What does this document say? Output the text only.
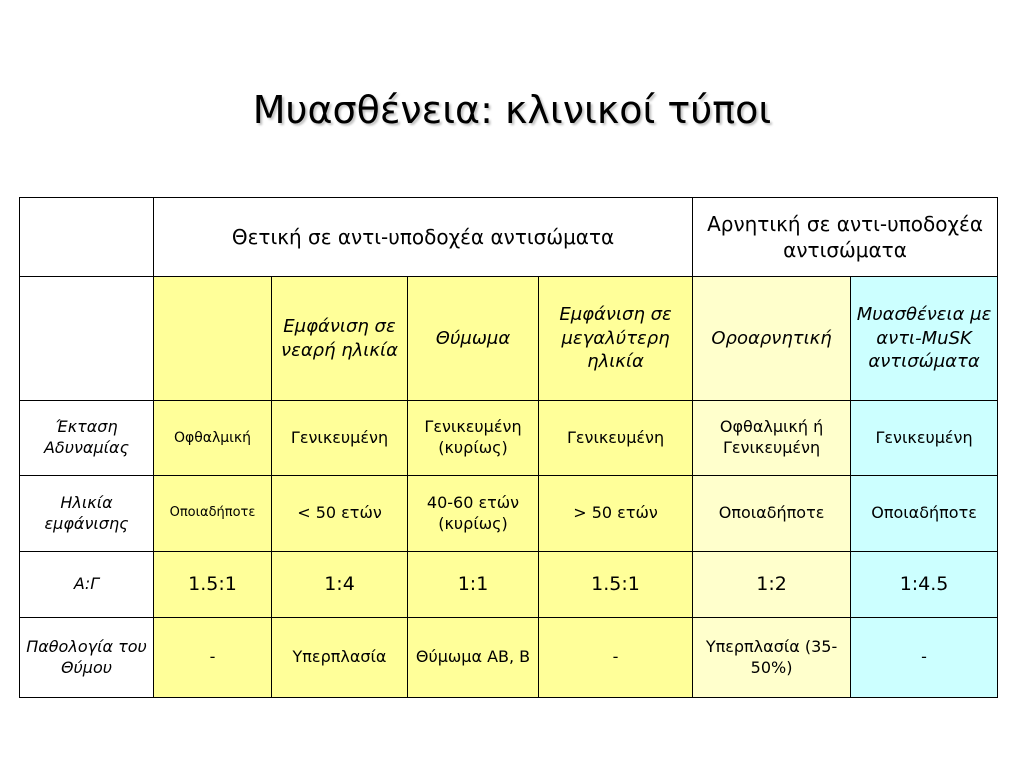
Μυασθένεια: κλινικοί τύποι
	Θετική σε αντι-υποδοχέα αντισώματα				Αρνητική σε αντι-υποδοχέα αντισώματα	
		Εμφάνιση σε νεαρή ηλικία	Θύμωμα	Εμφάνιση σε μεγαλύτερη ηλικία	Οροαρνητική	Μυασθένεια με αντι-MuSK αντισώματα
Έκταση Αδυναμίας	Οφθαλμική	Γενικευμένη	Γενικευμένη (κυρίως)	Γενικευμένη	Οφθαλμική ή Γενικευμένη	Γενικευμένη
Ηλικία εμφάνισης	Οποιαδήποτε	< 50 ετών	40-60 ετών (κυρίως)	> 50 ετών	Οποιαδήποτε	Οποιαδήποτε
Α:Γ	1.5:1	1:4	1:1	1.5:1	1:2	1:4.5
Παθολογία του Θύμου	-	Υπερπλασία	Θύμωμα AB, B	-	Υπερπλασία (35-50%)	-
